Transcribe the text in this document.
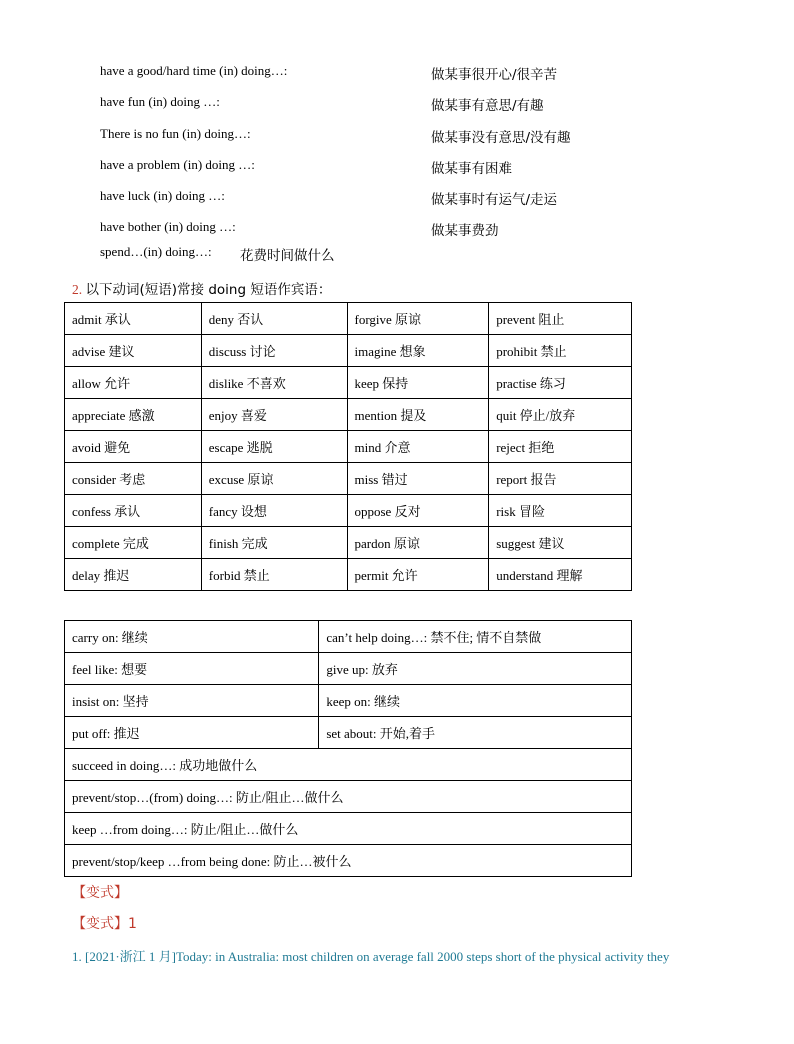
have a good/hard time (in) doing…:	做某事很开心/很辛苦
have fun (in) doing …:	做某事有意思/有趣
There is no fun (in) doing…:	做某事没有意思/没有趣
have a problem (in) doing …:	做某事有困难
have luck (in) doing …:	做某事时有运气/走运
have bother (in) doing …:	做某事费劲
spend…(in) doing…: 花费时间做什么
2. 以下动词(短语)常接 doing 短语作宾语：
admit 承认	deny 否认	forgive 原谅	prevent 阻止
advise 建议	discuss 讨论	imagine 想象	prohibit 禁止
allow 允许	dislike 不喜欢	keep 保持	practise 练习
appreciate 感激	enjoy 喜爱	mention 提及	quit 停止/放弃
avoid 避免	escape 逃脱	mind 介意	reject 拒绝
consider 考虑	excuse 原谅	miss 错过	report 报告
confess 承认	fancy 设想	oppose 反对	risk 冒险
complete 完成	finish 完成	pardon 原谅	suggest 建议
delay 推迟	forbid 禁止	permit 允许	understand 理解
carry on: 继续	can’t help doing…: 禁不住; 情不自禁做
feel like: 想要	give up: 放弃
insist on: 坚持	keep on: 继续
put off: 推迟	set about: 开始,着手
succeed in doing…: 成功地做什么	
prevent/stop…(from) doing…: 防止/阻止…做什么	
keep …from doing…: 防止/阻止…做什么	
prevent/stop/keep …from being done: 防止…被什么	
【变式】
【变式】1
1. [2021·浙江 1 月]Today: in Australia: most children on average fall 2000 steps short of the physical activity they
